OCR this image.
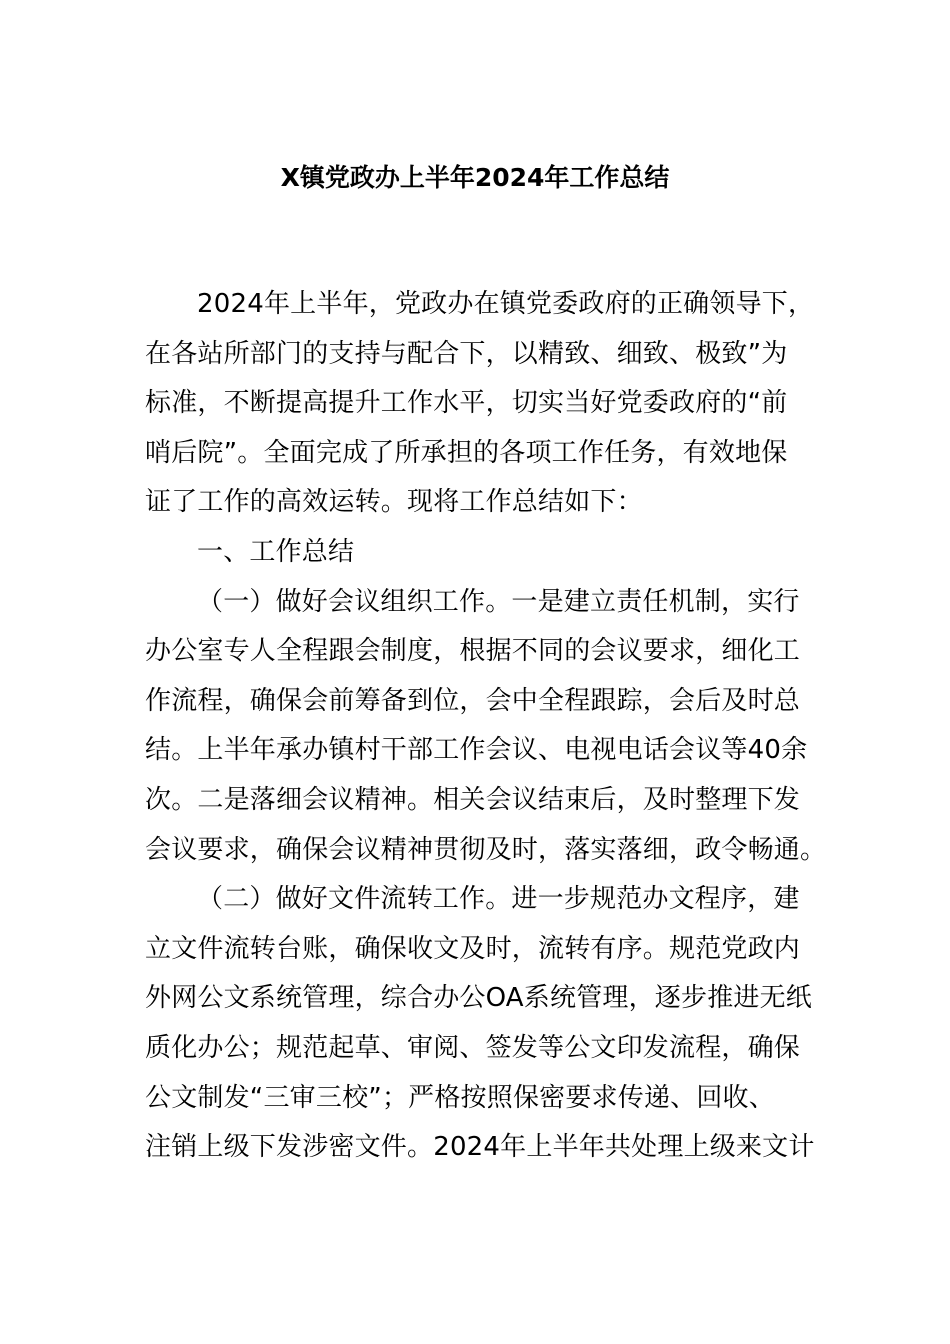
X镇党政办上半年2024年工作总结
2024年上半年，党政办在镇党委政府的正确领导下，
在各站所部门的支持与配合下，以精致、细致、极致”为
标准，不断提高提升工作水平，切实当好党委政府的“前
哨后院”。全面完成了所承担的各项工作任务，有效地保
证了工作的高效运转。现将工作总结如下：
一、工作总结
（一）做好会议组织工作。一是建立责任机制，实行
办公室专人全程跟会制度，根据不同的会议要求，细化工
作流程，确保会前筹备到位，会中全程跟踪，会后及时总
结。上半年承办镇村干部工作会议、电视电话会议等40余
次。二是落细会议精神。相关会议结束后，及时整理下发
会议要求，确保会议精神贯彻及时，落实落细，政令畅通。
（二）做好文件流转工作。进一步规范办文程序，建
立文件流转台账，确保收文及时，流转有序。规范党政内
外网公文系统管理，综合办公OA系统管理，逐步推进无纸
质化办公；规范起草、审阅、签发等公文印发流程，确保
公文制发“三审三校”；严格按照保密要求传递、回收、
注销上级下发涉密文件。2024年上半年共处理上级来文计
